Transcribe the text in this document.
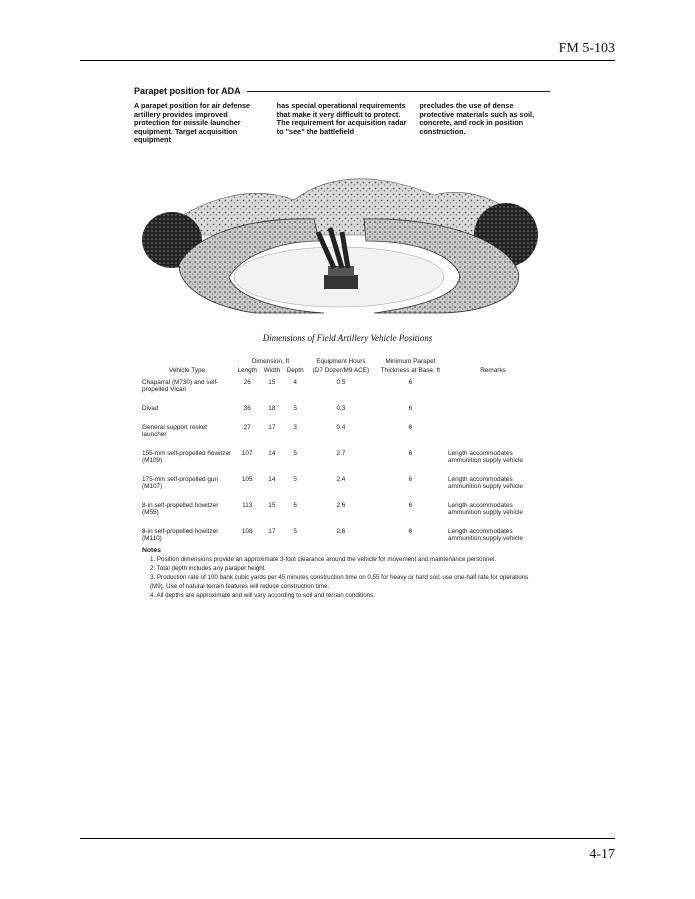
FM 5-103
Parapet position for ADA
A parapet position for air defense artillery provides improved protection for missile launcher equipment. Target acquisition equipment
has special operational requirements that make it very difficult to protect. The requirement for acquisition radar to "see" the battlefield
precludes the use of dense protective materials such as soil, concrete, and rock in position construction.
Dimensions of Field Artillery Vehicle Positions
	Dimension, ft			Equipment Hours	Minimum Parapet	
Vehicle Type	Length	Width	Depth	(D7 Dozer/M9 ACE)	Thickness at Base, ft	Remarks
Chaparral (M730) and self-propelled Vlcan	26	15	4	0.5	6	
Divad	36	18	5	0.3	6	
General support rocket launcher	27	17	3	0.4	6	
155-mm self-propelled howitzer (M109)	107	14	5	2.7	6	Length accommodates ammunition supply vehicle
175-mm self-propelled gun (M107)	105	14	5	2.4	6	Length accommodates ammunition supply vehicle
8-in self-propelled howitzer (M55)	113	15	6	2.6	6	Length accommodates ammunition supply vehicle
8-in self-propelled howitzer (M110)	108	17	5	2.6	6	Length accommodates ammunition supply vehicle
Notes
1. Position dimensions provide an approximate 3-foot clearance around the vehicle for movement and maintenance personnel.
2. Total depth includes any parapet height.
3. Production rate of 100 bank cubic yards per 45 minutes construction time on 0.55 for heavy or hard soil; use one-half rate for operations (M9). Use of natural terrain features will reduce construction time.
4. All depths are approximate and will vary according to soil and terrain conditions.
4-17
